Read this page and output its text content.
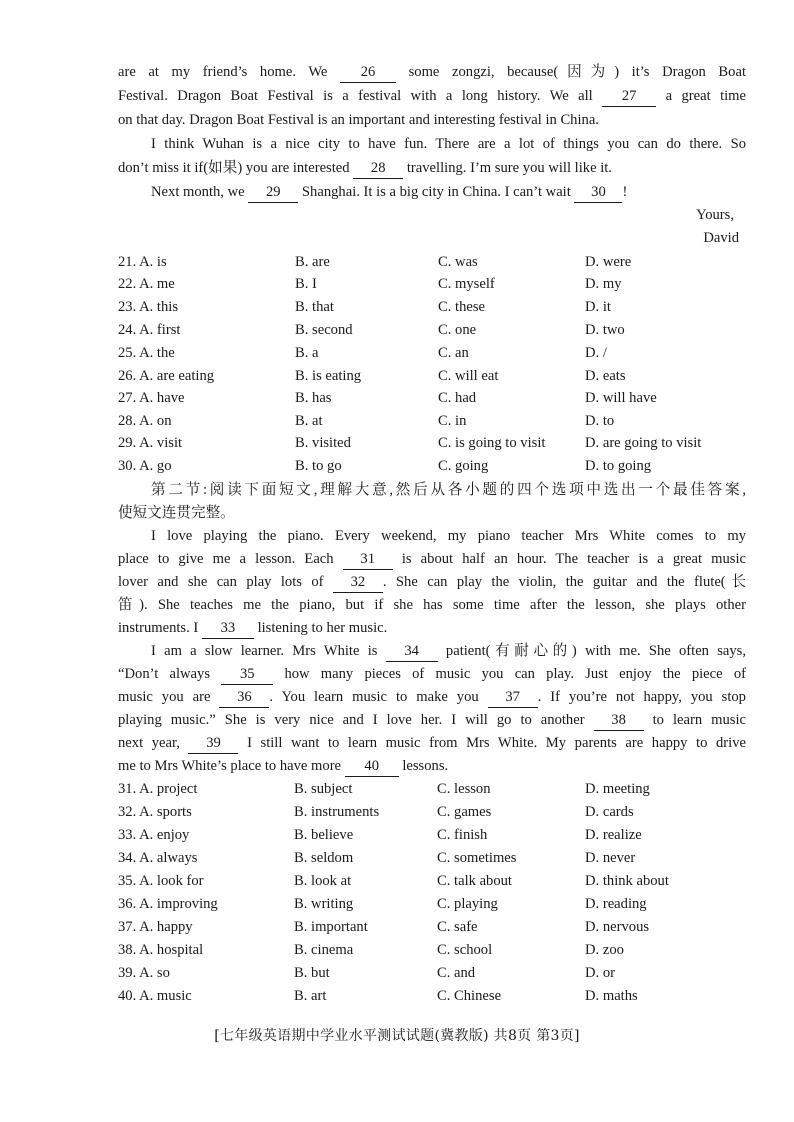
are at my friend’s home. We 26 some zongzi, because(因为) it’s Dragon Boat
Festival. Dragon Boat Festival is a festival with a long history. We all 27 a great time
on that day. Dragon Boat Festival is an important and interesting festival in China.
I think Wuhan is a nice city to have fun. There are a lot of things you can do there. So
don’t miss it if(如果) you are interested 28 travelling. I’m sure you will like it.
Next month, we 29 Shanghai. It is a big city in China. I can’t wait 30 !
Yours,
David
21. A. is	B. are	C. was	D. were
22. A. me	B. I	C. myself	D. my
23. A. this	B. that	C. these	D. it
24. A. first	B. second	C. one	D. two
25. A. the	B. a	C. an	D. /
26. A. are eating	B. is eating	C. will eat	D. eats
27. A. have	B. has	C. had	D. will have
28. A. on	B. at	C. in	D. to
29. A. visit	B. visited	C. is going to visit	D. are going to visit
30. A. go	B. to go	C. going	D. to going
第二节:阅读下面短文,理解大意,然后从各小题的四个选项中选出一个最佳答案,
使短文连贯完整。
I love playing the piano. Every weekend, my piano teacher Mrs White comes to my
place to give me a lesson. Each 31 is about half an hour. The teacher is a great music
lover and she can play lots of 32 . She can play the violin, the guitar and the flute(长
笛). She teaches me the piano, but if she has some time after the lesson, she plays other
instruments. I 33 listening to her music.
I am a slow learner. Mrs White is 34 patient(有耐心的) with me. She often says,
“Don’t always 35 how many pieces of music you can play. Just enjoy the piece of
music you are 36 . You learn music to make you 37 . If you’re not happy, you stop
playing music.” She is very nice and I love her. I will go to another 38 to learn music
next year, 39 I still want to learn music from Mrs White. My parents are happy to drive
me to Mrs White’s place to have more 40 lessons.
31. A. project	B. subject	C. lesson	D. meeting
32. A. sports	B. instruments	C. games	D. cards
33. A. enjoy	B. believe	C. finish	D. realize
34. A. always	B. seldom	C. sometimes	D. never
35. A. look for	B. look at	C. talk about	D. think about
36. A. improving	B. writing	C. playing	D. reading
37. A. happy	B. important	C. safe	D. nervous
38. A. hospital	B. cinema	C. school	D. zoo
39. A. so	B. but	C. and	D. or
40. A. music	B. art	C. Chinese	D. maths
[七年级英语期中学业水平测试试题(冀教版) 共8页 第3页]
